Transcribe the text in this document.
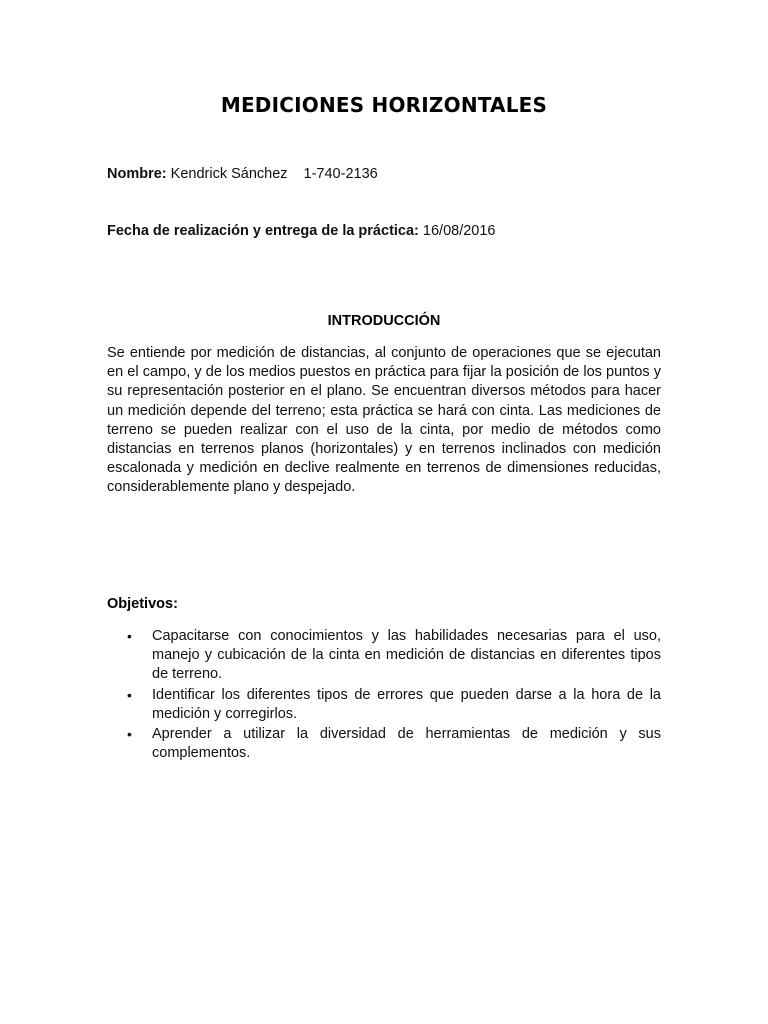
MEDICIONES HORIZONTALES
Nombre: Kendrick Sánchez 1-740-2136
Fecha de realización y entrega de la práctica: 16/08/2016
INTRODUCCIÓN

Se entiende por medición de distancias, al conjunto de operaciones que se ejecutan en el campo, y de los medios puestos en práctica para fijar la posición de los puntos y su representación posterior en el plano. Se encuentran diversos métodos para hacer un medición depende del terreno; esta práctica se hará con cinta. Las mediciones de terreno se pueden realizar con el uso de la cinta, por medio de métodos como distancias en terrenos planos (horizontales) y en terrenos inclinados con medición escalonada y medición en declive realmente en terrenos de dimensiones reducidas, considerablemente plano y despejado.

Objetivos:
• Capacitarse con conocimientos y las habilidades necesarias para el uso, manejo y cubicación de la cinta en medición de distancias en diferentes tipos de terreno.
• Identificar los diferentes tipos de errores que pueden darse a la hora de la medición y corregirlos.
• Aprender a utilizar la diversidad de herramientas de medición y sus complementos.
